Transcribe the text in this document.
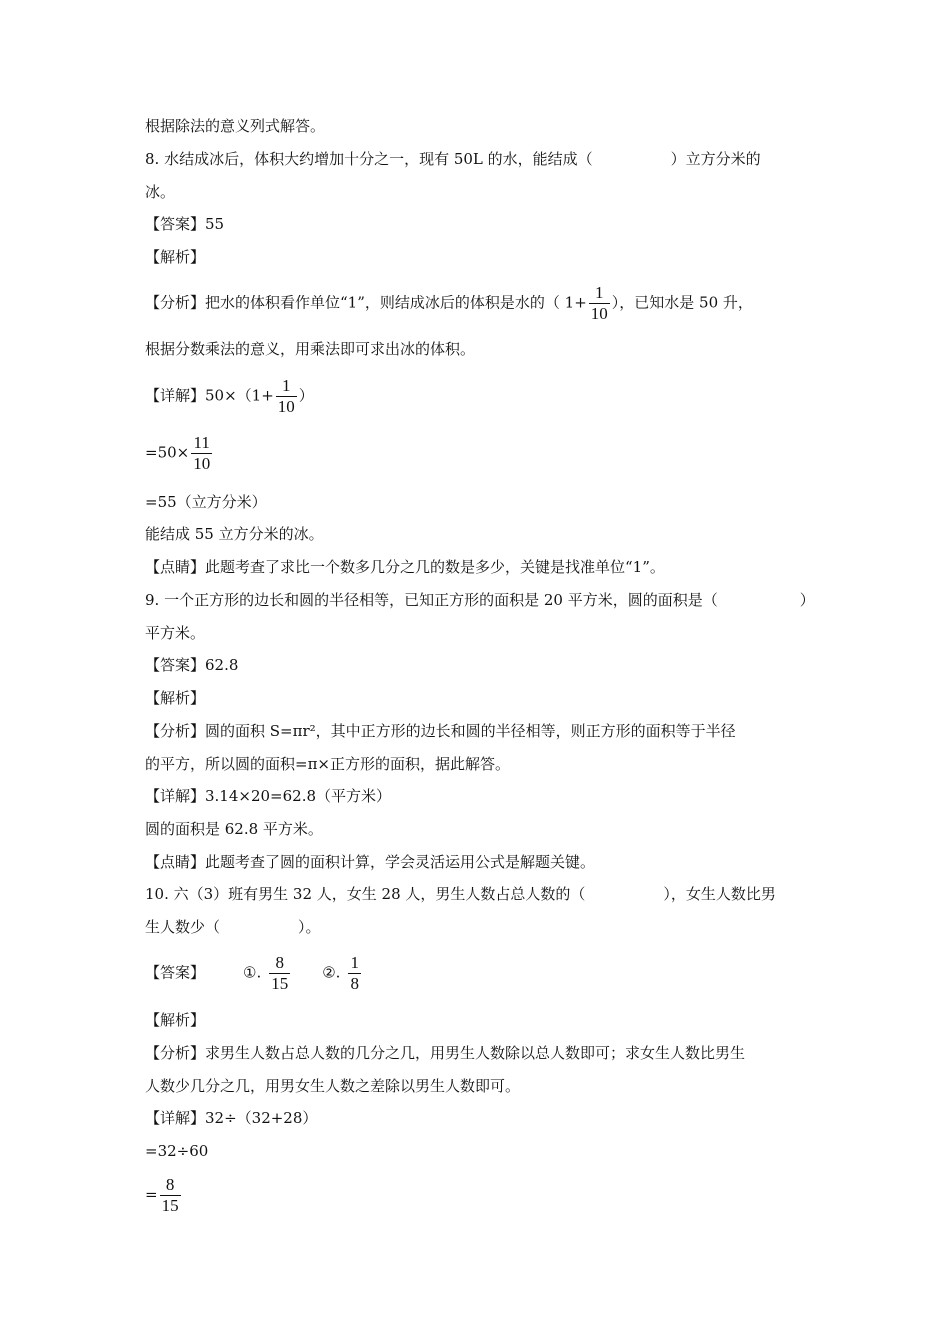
根据除法的意义列式解答。
8. 水结成冰后，体积大约增加十分之一，现有 50L 的水，能结成（	）立方分米的
冰。
【答案】55
【解析】
【分析】把水的体积看作单位“1”，则结成冰后的体积是水的（ $1+ \frac{1}{10}$ ），已知水是 50 升，
根据分数乘法的意义，用乘法即可求出冰的体积。
【详解】$50\times(1+ \frac{1}{10}$ ）
$=50\times \frac{11}{10}$
=55（立方分米）
能结成 55 立方分米的冰。
【点睛】此题考查了求比一个数多几分之几的数是多少，关键是找准单位“1”。
9. 一个正方形的边长和圆的半径相等，已知正方形的面积是 20 平方米，圆的面积是（	）
平方米。
【答案】62.8
【解析】
【分析】圆的面积 S=πr²，其中正方形的边长和圆的半径相等，则正方形的面积等于半径
的平方，所以圆的面积=π×正方形的面积，据此解答。
【详解】3.14×20=62.8（平方米）
圆的面积是 62.8 平方米。
【点睛】此题考查了圆的面积计算，学会灵活运用公式是解题关键。
10. 六（3）班有男生 32 人，女生 28 人，男生人数占总人数的（	），女生人数比男
生人数少（	）。
【答案】	①. $\frac{8}{15}$ ②. $\frac{1}{8}$
【解析】
【分析】求男生人数占总人数的几分之几，用男生人数除以总人数即可；求女生人数比男生
人数少几分之几，用男女生人数之差除以男生人数即可。
【详解】32÷（32+28）
=32÷60
= $\frac{8}{15}$
